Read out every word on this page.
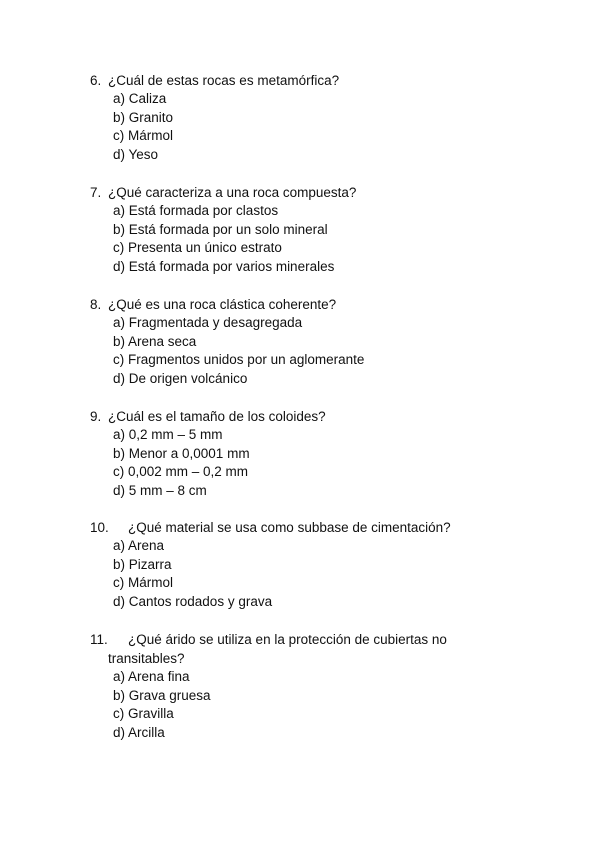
6. ¿Cuál de estas rocas es metamórfica?
a) Caliza
b) Granito
c) Mármol
d) Yeso
7. ¿Qué caracteriza a una roca compuesta?
a) Está formada por clastos
b) Está formada por un solo mineral
c) Presenta un único estrato
d) Está formada por varios minerales
8. ¿Qué es una roca clástica coherente?
a) Fragmentada y desagregada
b) Arena seca
c) Fragmentos unidos por un aglomerante
d) De origen volcánico
9. ¿Cuál es el tamaño de los coloides?
a) 0,2 mm – 5 mm
b) Menor a 0,0001 mm
c) 0,002 mm – 0,2 mm
d) 5 mm – 8 cm
10.	¿Qué material se usa como subbase de cimentación?
a) Arena
b) Pizarra
c) Mármol
d) Cantos rodados y grava
11.	¿Qué árido se utiliza en la protección de cubiertas no
transitables?
a) Arena fina
b) Grava gruesa
c) Gravilla
d) Arcilla
